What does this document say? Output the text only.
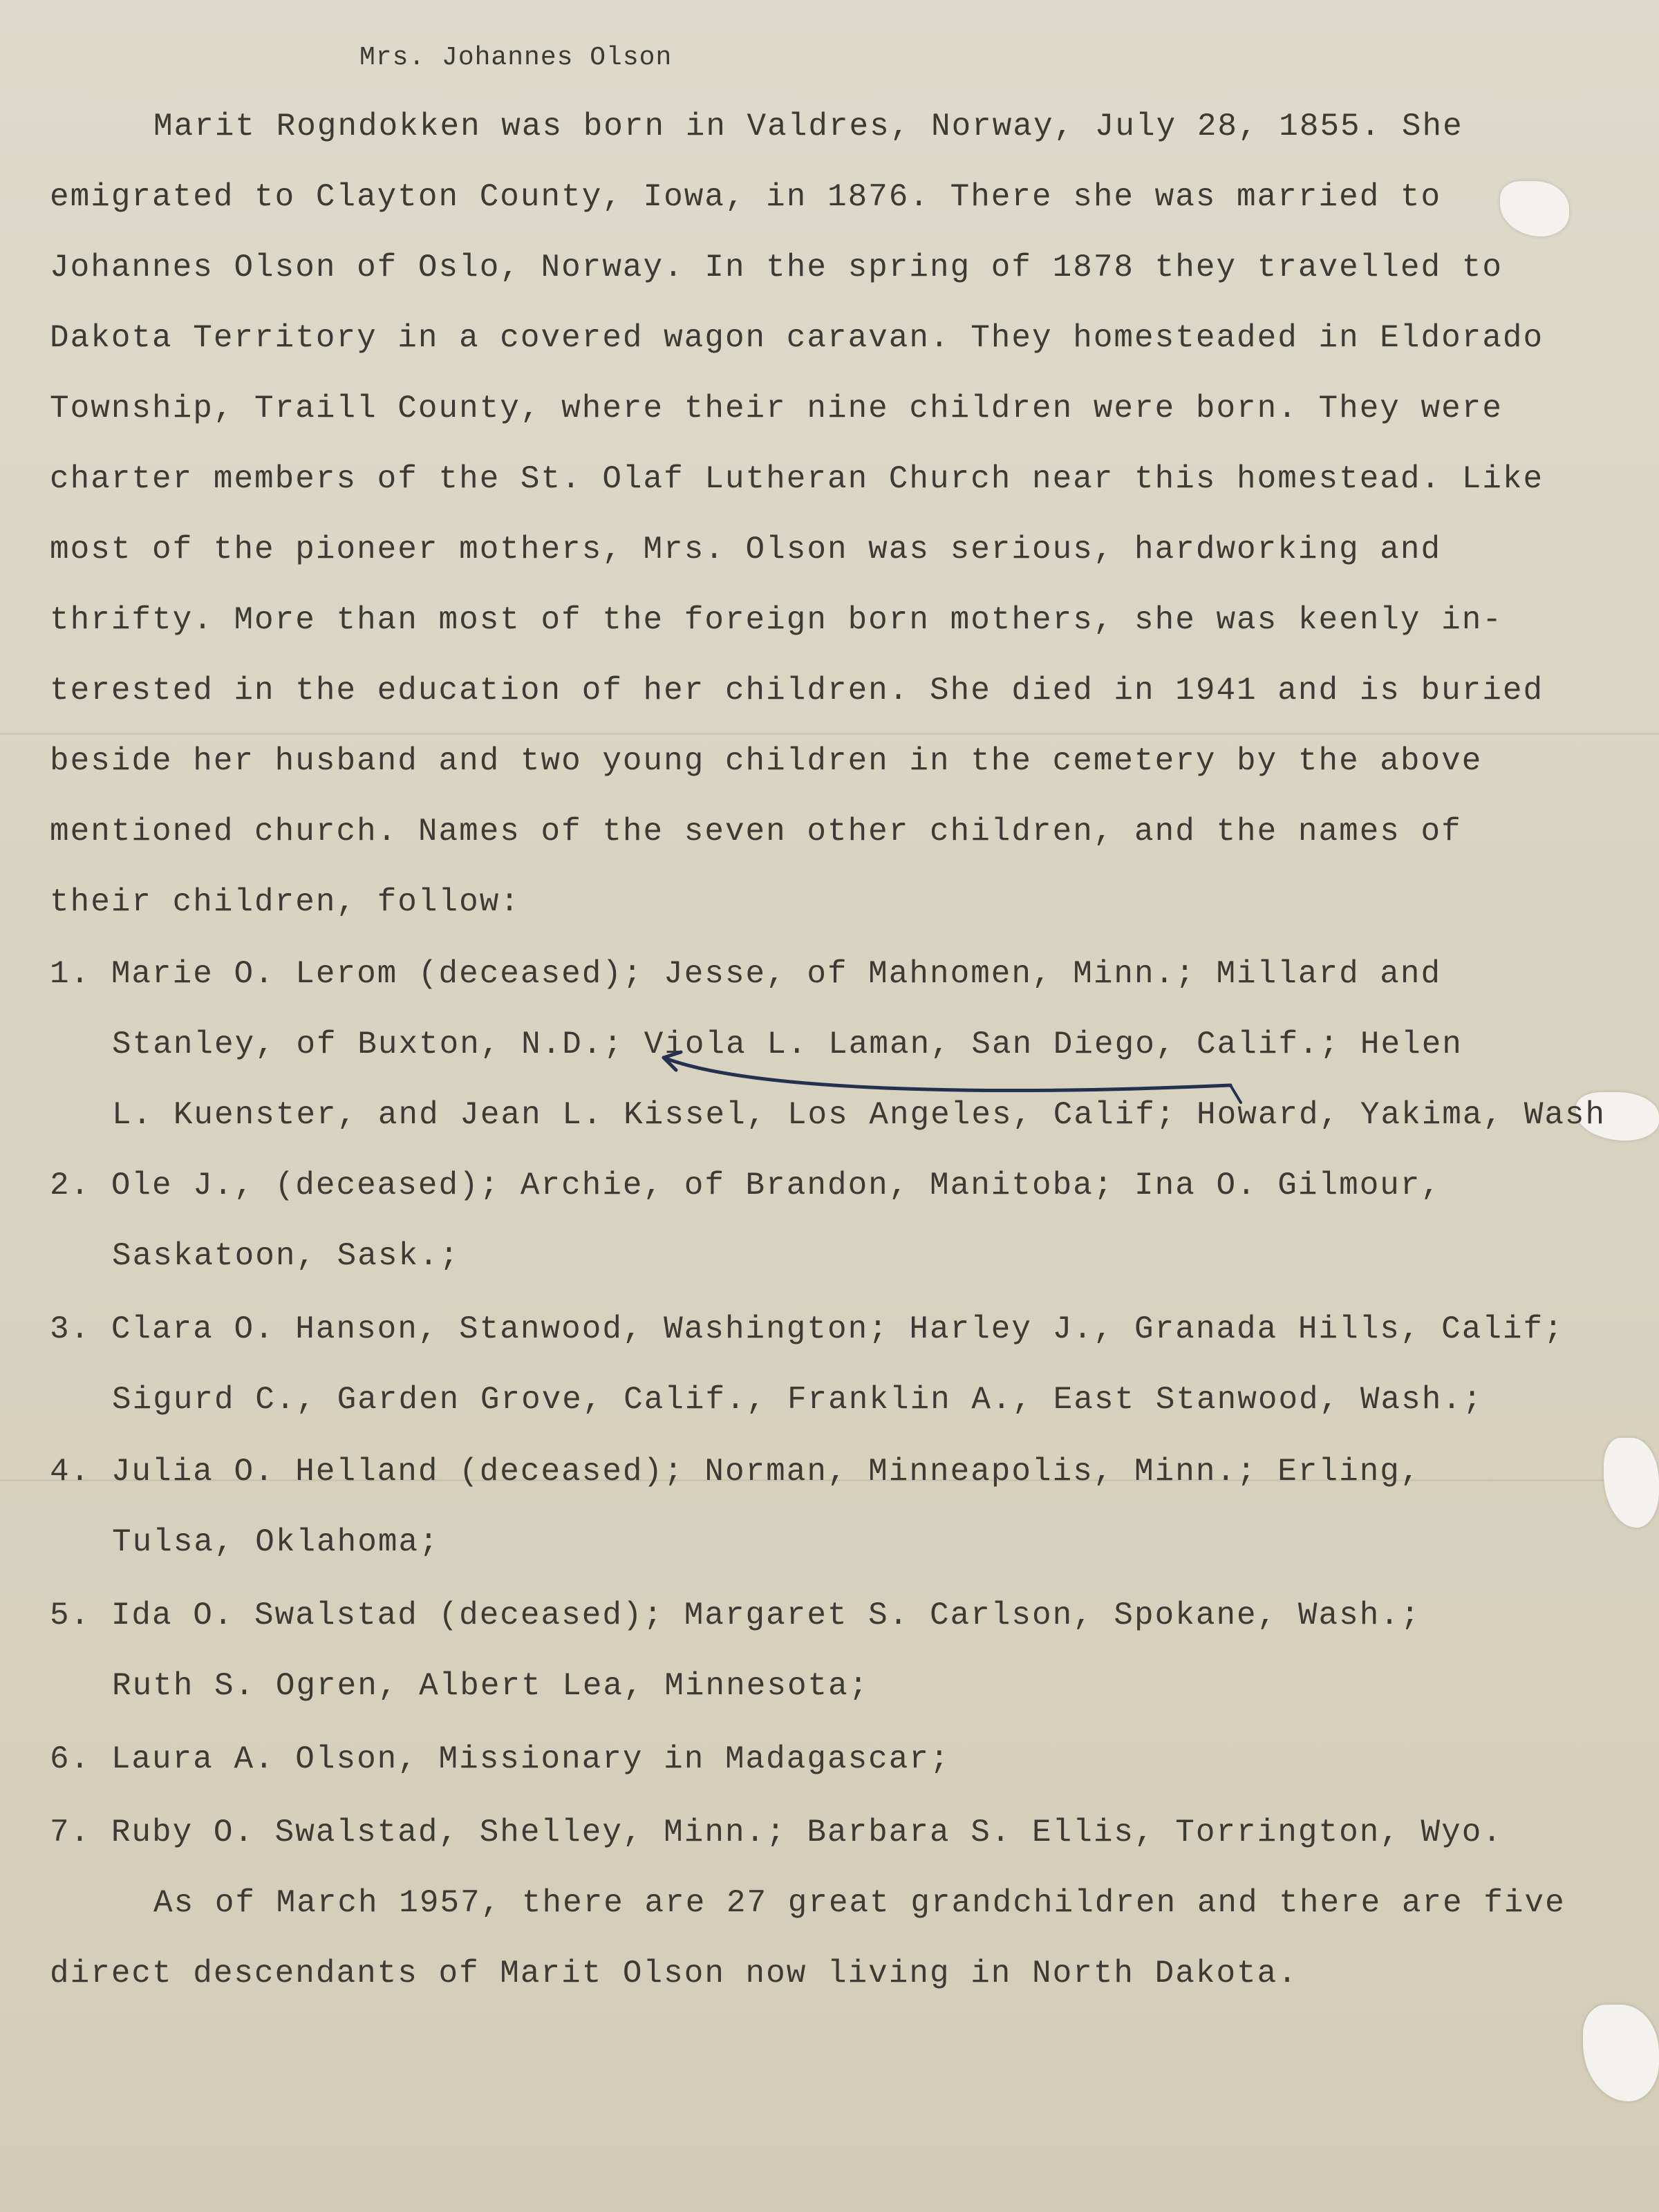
Mrs. Johannes Olson
Marit Rogndokken was born in Valdres, Norway, July 28, 1855. She
emigrated to Clayton County, Iowa, in 1876. There she was married to
Johannes Olson of Oslo, Norway. In the spring of 1878 they travelled to
Dakota Territory in a covered wagon caravan. They homesteaded in Eldorado
Township, Traill County, where their nine children were born. They were
charter members of the St. Olaf Lutheran Church near this homestead. Like
most of the pioneer mothers, Mrs. Olson was serious, hardworking and
thrifty. More than most of the foreign born mothers, she was keenly in-
terested in the education of her children. She died in 1941 and is buried
beside her husband and two young children in the cemetery by the above
mentioned church. Names of the seven other children, and the names of
their children, follow:
1. Marie O. Lerom (deceased); Jesse, of Mahnomen, Minn.; Millard and
Stanley, of Buxton, N.D.; Viola L. Laman, San Diego, Calif.; Helen
L. Kuenster, and Jean L. Kissel, Los Angeles, Calif; Howard, Yakima, Wash
2. Ole J., (deceased); Archie, of Brandon, Manitoba; Ina O. Gilmour,
Saskatoon, Sask.;
3. Clara O. Hanson, Stanwood, Washington; Harley J., Granada Hills, Calif;
Sigurd C., Garden Grove, Calif., Franklin A., East Stanwood, Wash.;
4. Julia O. Helland (deceased); Norman, Minneapolis, Minn.; Erling,
Tulsa, Oklahoma;
5. Ida O. Swalstad (deceased); Margaret S. Carlson, Spokane, Wash.;
Ruth S. Ogren, Albert Lea, Minnesota;
6. Laura A. Olson, Missionary in Madagascar;
7. Ruby O. Swalstad, Shelley, Minn.; Barbara S. Ellis, Torrington, Wyo.
As of March 1957, there are 27 great grandchildren and there are five
direct descendants of Marit Olson now living in North Dakota.
